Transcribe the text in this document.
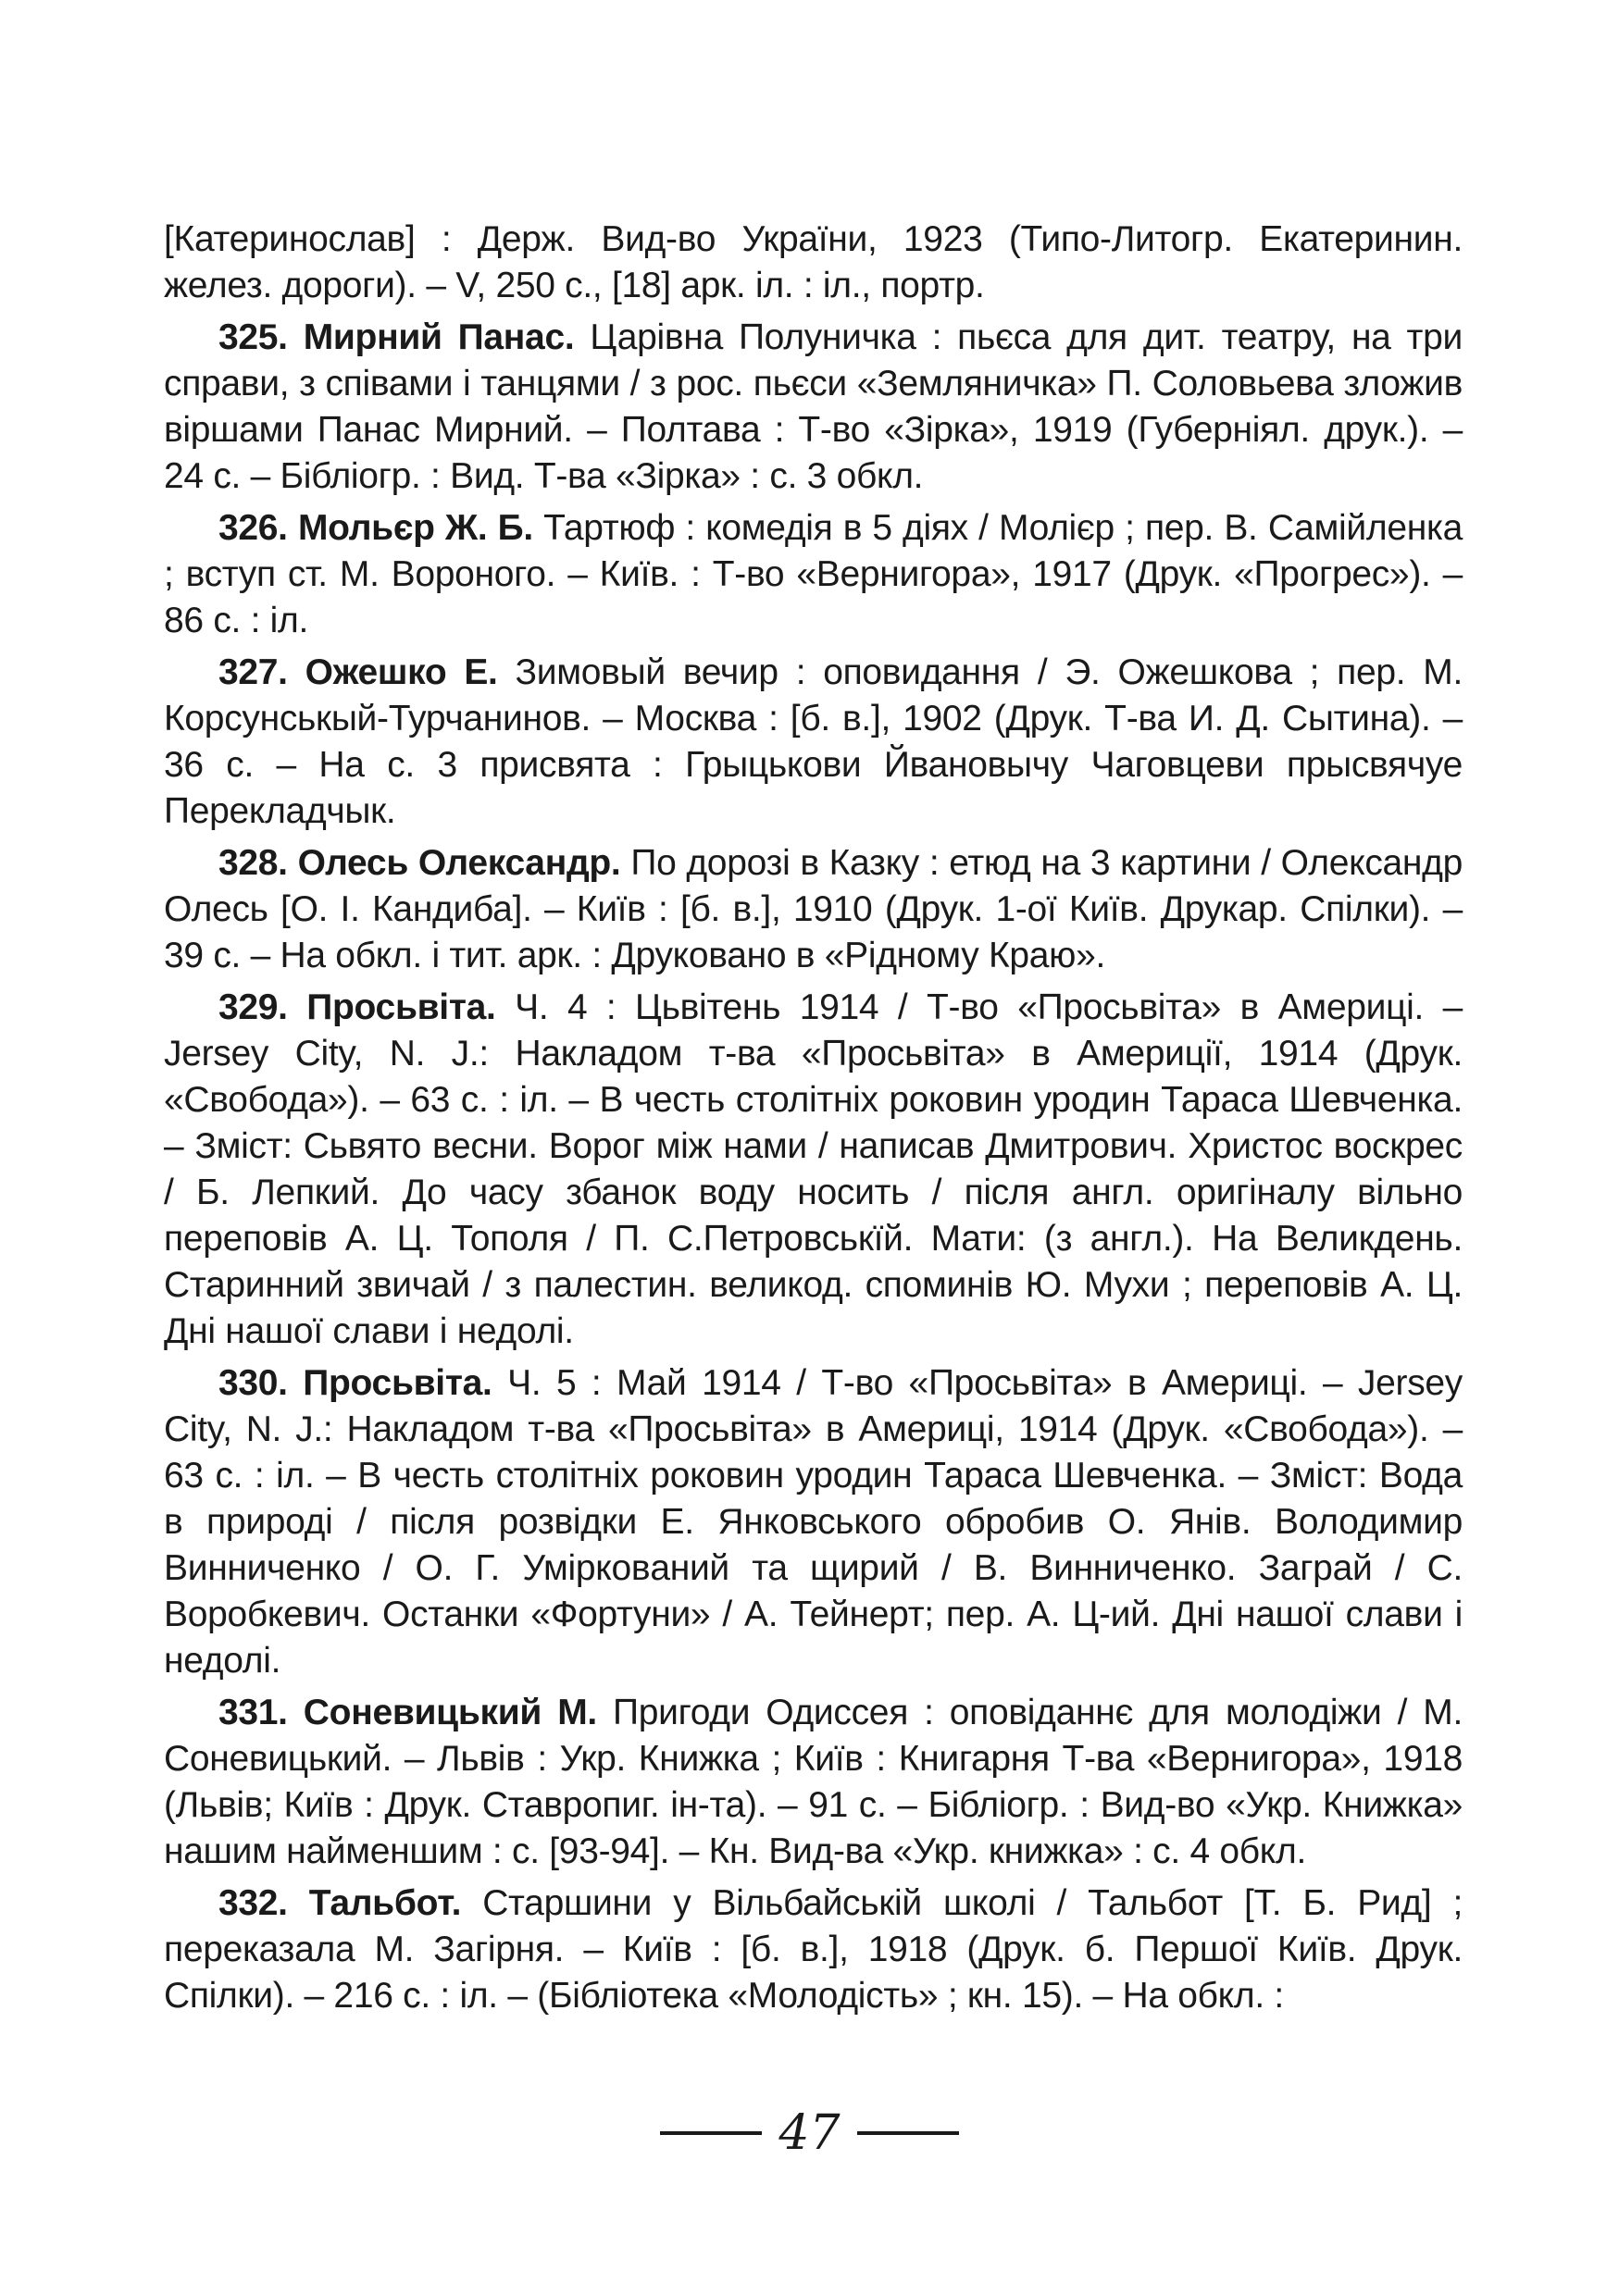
[Катеринослав] : Держ. Вид-во України, 1923 (Типо-Литогр. Екатеринин. желез. дороги). – V, 250 с., [18] арк. іл. : іл., портр.

325. Мирний Панас. Царівна Полуничка : пьєса для дит. театру, на три справи, з співами і танцями / з рос. пьєси «Земляничка» П. Соловьева зложив віршами Панас Мирний. – Полтава : Т-во «Зірка», 1919 (Губерніял. друк.). – 24 с. – Бібліогр. : Вид. Т-ва «Зірка» : с. 3 обкл.

326. Мольєр Ж. Б. Тартюф : комедія в 5 діях / Молієр ; пер. В. Самійленка ; вступ ст. М. Вороного. – Київ. : Т-во «Вернигора», 1917 (Друк. «Прогрес»). – 86 с. : іл.

327. Ожешко Е. Зимовый вечир : оповидання / Э. Ожешкова ; пер. М. Корсунськый-Турчанинов. – Москва : [б. в.], 1902 (Друк. Т-ва И. Д. Сытина). – 36 с. – На с. 3 присвята : Грыцькови Йвановычу Чаговцеви прысвячуе Перекладчык.

328. Олесь Олександр. По дорозі в Казку : етюд на 3 картини / Олександр Олесь [О. І. Кандиба]. – Київ : [б. в.], 1910 (Друк. 1-ої Київ. Друкар. Спілки). – 39 с. – На обкл. і тит. арк. : Друковано в «Рідному Краю».

329. Просьвіта. Ч. 4 : Цьвітень 1914 / Т-во «Просьвіта» в Америці. – Jersey City, N. J.: Накладом т-ва «Просьвіта» в Америції, 1914 (Друк. «Свобода»). – 63 с. : іл. – В честь столітніх роковин уродин Тараса Шевченка. – Зміст: Сьвято весни. Ворог між нами / написав Дмитрович. Христос воскрес / Б. Лепкий. До часу збанок воду носить / після англ. оригіналу вільно переповів А. Ц. Тополя / П. С.Петровськїй. Мати: (з англ.). На Великдень. Старинний звичай / з палестин. великод. споминів Ю. Мухи ; переповів А. Ц. Дні нашої слави і недолі.

330. Просьвіта. Ч. 5 : Май 1914 / Т-во «Просьвіта» в Америці. – Jersey City, N. J.: Накладом т-ва «Просьвіта» в Америці, 1914 (Друк. «Свобода»). – 63 с. : іл. – В честь столітніх роковин уродин Тараса Шевченка. – Зміст: Вода в природі / після розвідки Е. Янковського обробив О. Янів. Володимир Винниченко / О. Г. Умірковaний та щирий / В. Винниченко. Заграй / С. Воробкевич. Останки «Фортуни» / А. Тейнерт; пер. А. Ц-ий. Дні нашої слави і недолі.

331. Соневицький М. Пригоди Одиссея : оповіданнє для молодіжи / М. Соневицький. – Львів : Укр. Книжка ; Київ : Книгарня Т-ва «Вернигора», 1918 (Львів; Київ : Друк. Ставропиг. ін-та). – 91 с. – Бібліогр. : Вид-во «Укр. Книжка» нашим найменшим : с. [93-94]. – Кн. Вид-ва «Укр. книжка» : с. 4 обкл.

332. Тальбот. Старшини у Вільбайській школі / Тальбот [Т. Б. Рид] ; переказала М. Загірня. – Київ : [б. в.], 1918 (Друк. б. Першої Київ. Друк. Спілки). – 216 с. : іл. – (Бібліотека «Молодість» ; кн. 15). – На обкл. :

47
